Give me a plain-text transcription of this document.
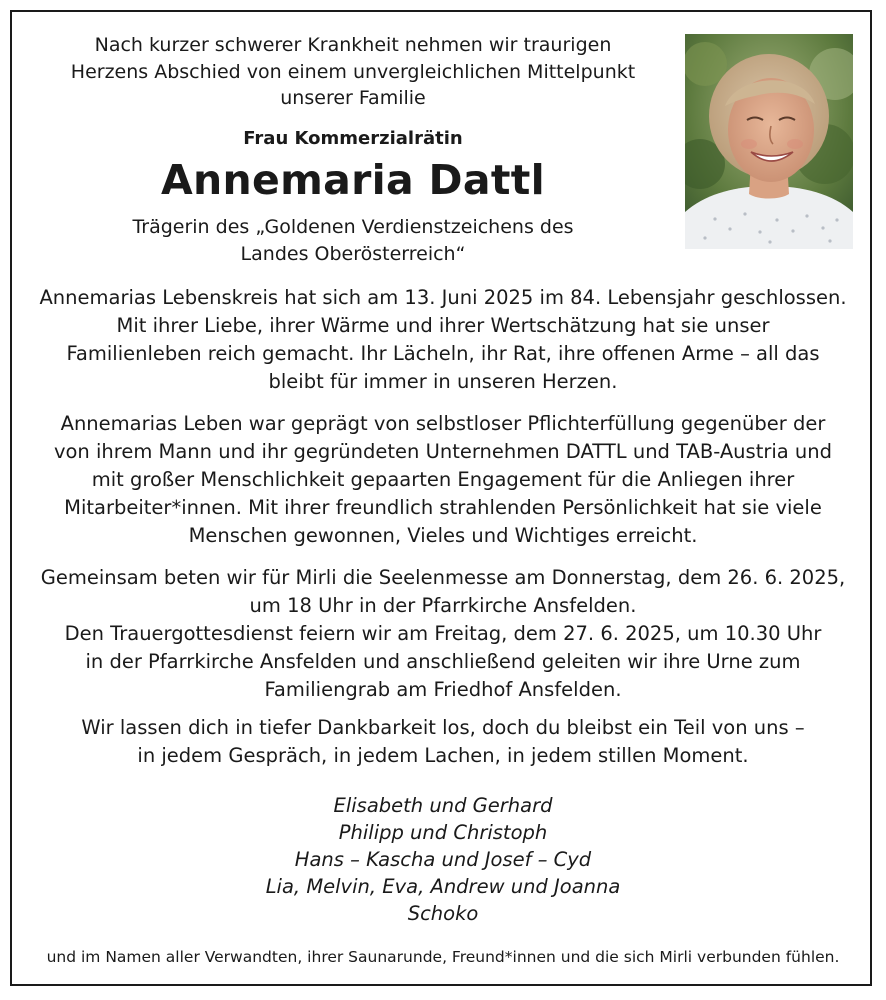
Nach kurzer schwerer Krankheit nehmen wir traurigen
Herzens Abschied von einem unvergleichlichen Mittelpunkt
unserer Familie
Frau Kommerzialrätin
Annemaria Dattl
Trägerin des „Goldenen Verdienstzeichens des
Landes Oberösterreich“
Annemarias Lebenskreis hat sich am 13. Juni 2025 im 84. Lebensjahr geschlossen.
Mit ihrer Liebe, ihrer Wärme und ihrer Wertschätzung hat sie unser
Familienleben reich gemacht. Ihr Lächeln, ihr Rat, ihre offenen Arme – all das
bleibt für immer in unseren Herzen.
Annemarias Leben war geprägt von selbstloser Pflichterfüllung gegenüber der
von ihrem Mann und ihr gegründeten Unternehmen DATTL und TAB-Austria und
mit großer Menschlichkeit gepaarten Engagement für die Anliegen ihrer
Mitarbeiter*innen. Mit ihrer freundlich strahlenden Persönlichkeit hat sie viele
Menschen gewonnen, Vieles und Wichtiges erreicht.
Gemeinsam beten wir für Mirli die Seelenmesse am Donnerstag, dem 26. 6. 2025,
um 18 Uhr in der Pfarrkirche Ansfelden.
Den Trauergottesdienst feiern wir am Freitag, dem 27. 6. 2025, um 10.30 Uhr
in der Pfarrkirche Ansfelden und anschließend geleiten wir ihre Urne zum
Familiengrab am Friedhof Ansfelden.
Wir lassen dich in tiefer Dankbarkeit los, doch du bleibst ein Teil von uns –
in jedem Gespräch, in jedem Lachen, in jedem stillen Moment.
Elisabeth und Gerhard
Philipp und Christoph
Hans – Kascha und Josef – Cyd
Lia, Melvin, Eva, Andrew und Joanna
Schoko
und im Namen aller Verwandten, ihrer Saunarunde, Freund*innen und die sich Mirli verbunden fühlen.
